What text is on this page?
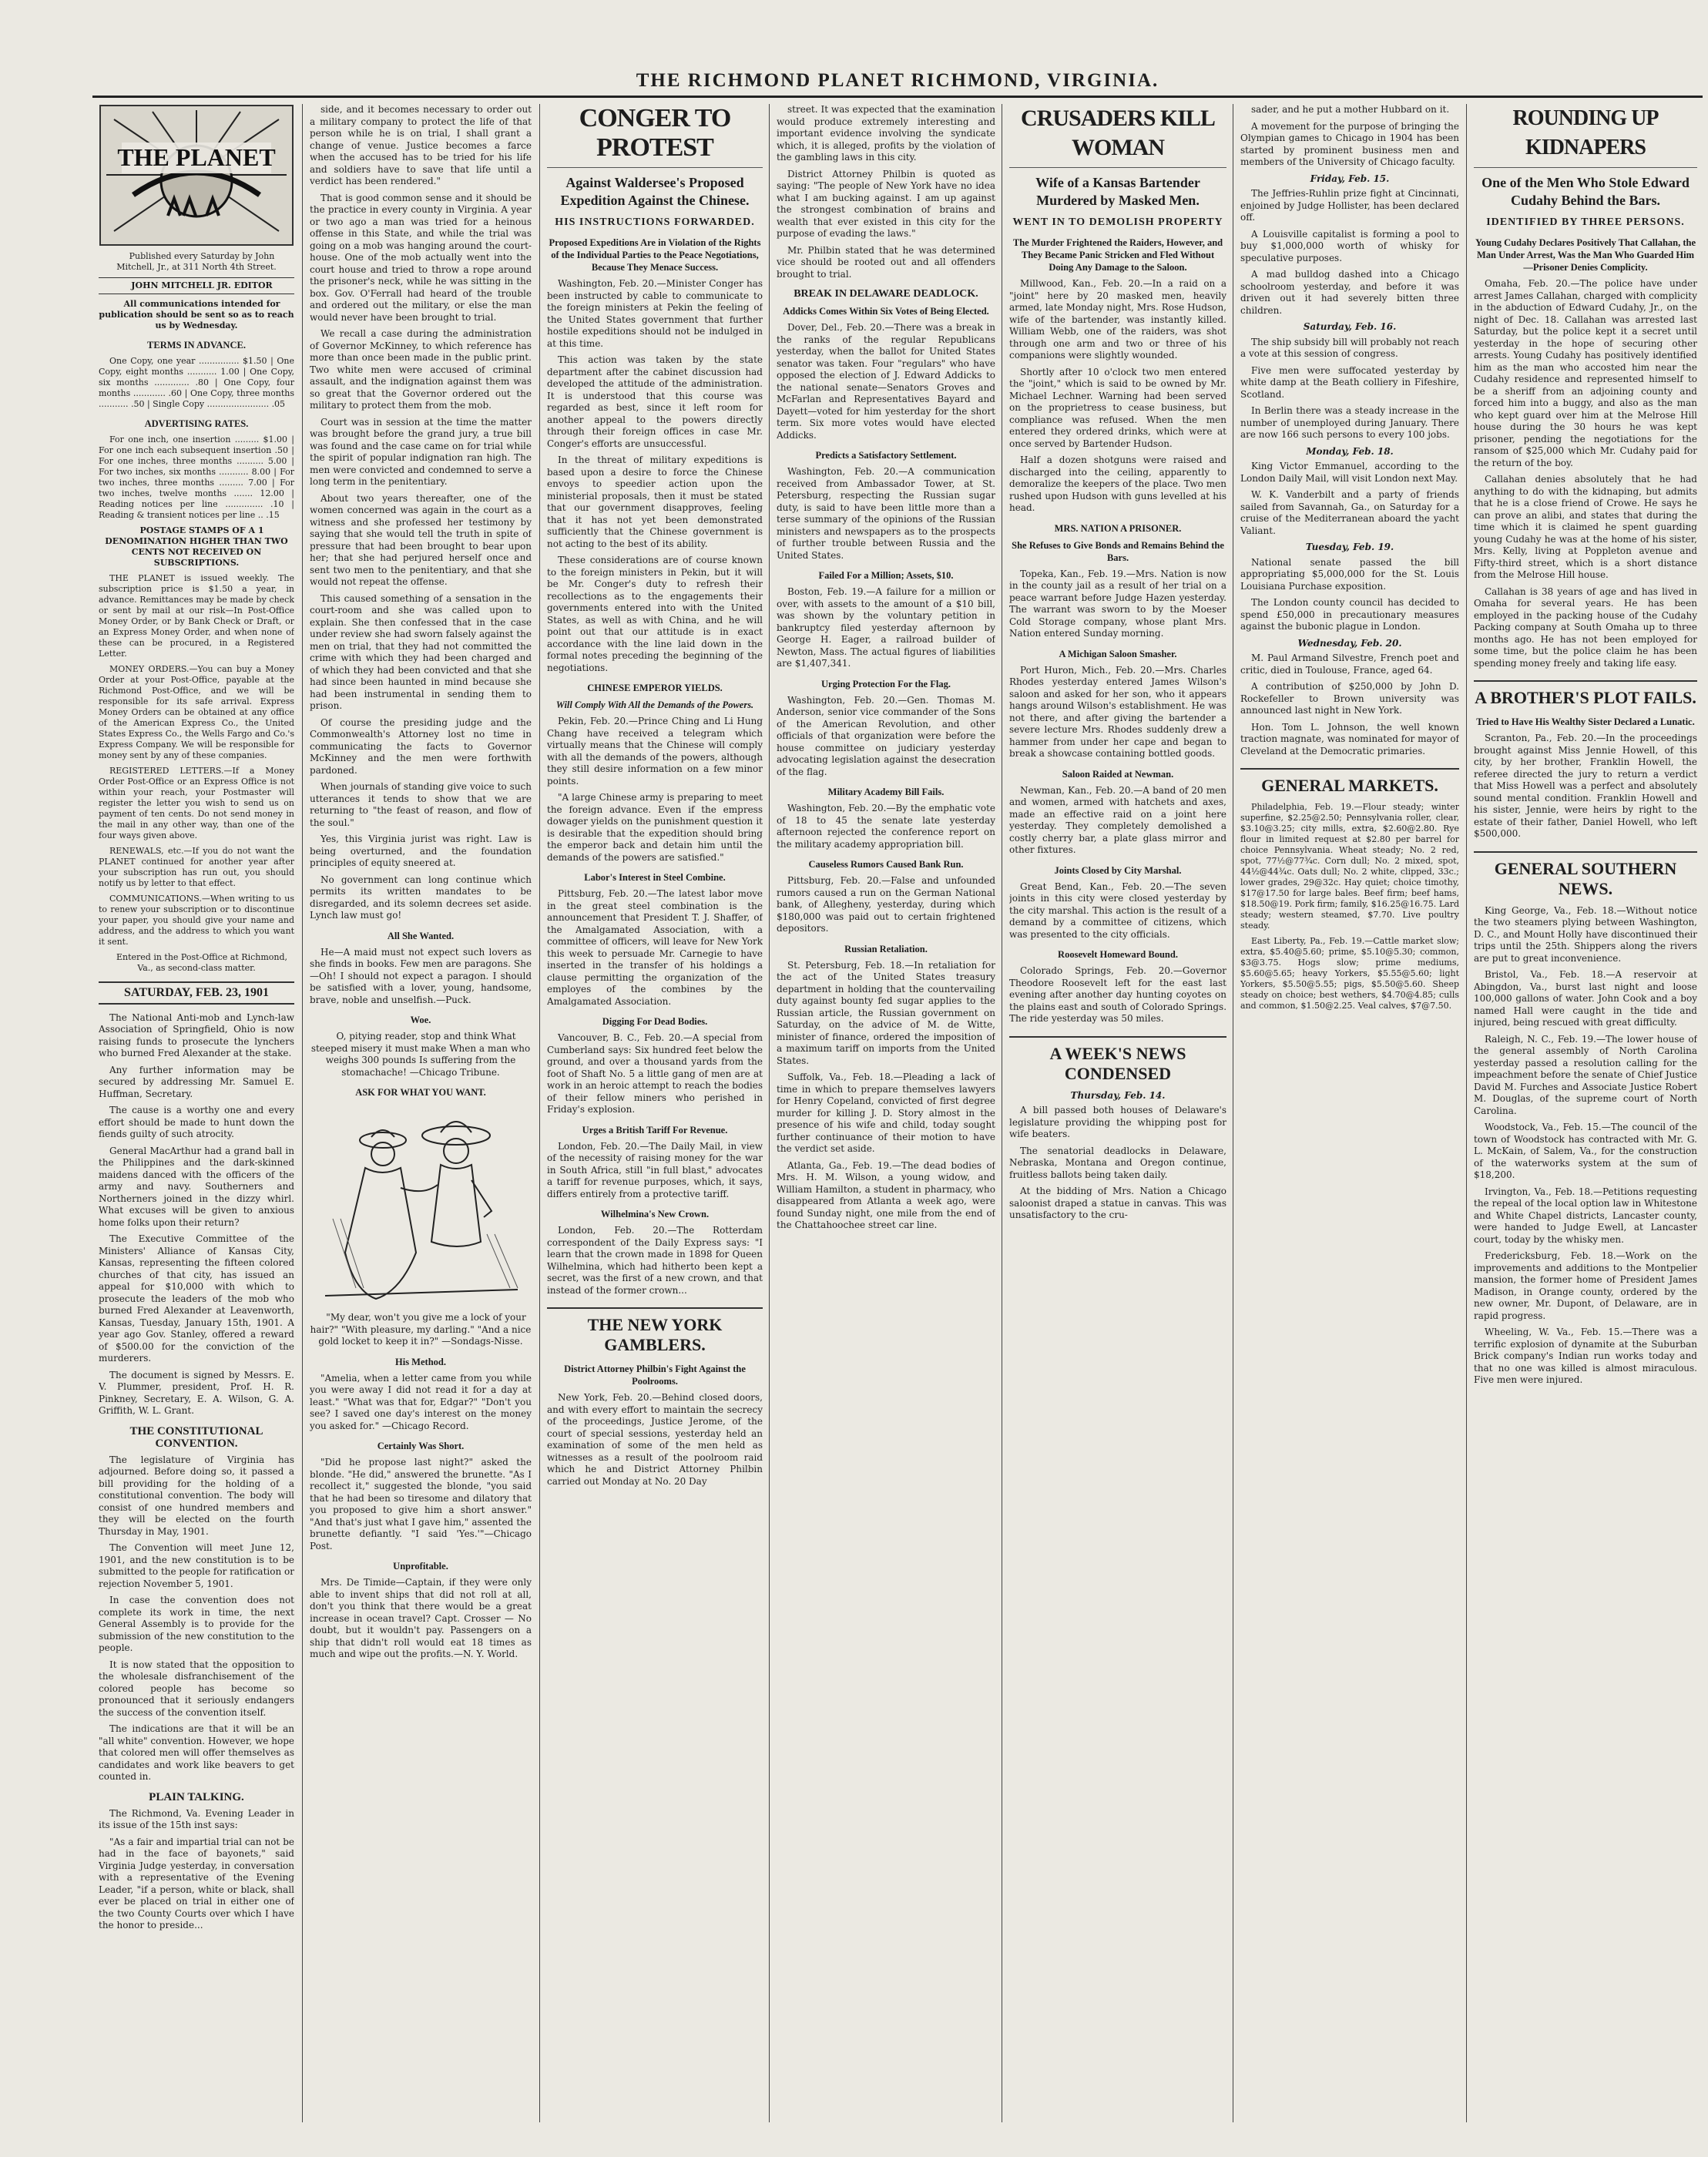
THE RICHMOND PLANET RICHMOND, VIRGINIA.
THE PLANET

Published every Saturday by John Mitchell, Jr., at 311 North 4th Street.

JOHN MITCHELL JR. EDITOR

All communications intended for publication should be sent so as to reach us by Wednesday.

TERMS IN ADVANCE.

One Copy, one year ............... $1.50 | One Copy, eight months ........... 1.00 | One Copy, six months ............. .80 | One Copy, four months ............ .60 | One Copy, three months ........... .50 | Single Copy ....................... .05

ADVERTISING RATES.

For one inch, one insertion ......... $1.00 | For one inch each subsequent insertion .50 | For one inches, three months .......... 5.00 | For two inches, six months ........... 8.00 | For two inches, three months ......... 7.00 | For two inches, twelve months ....... 12.00 | Reading notices per line .............. .10 | Reading & transient notices per line .. .15

POSTAGE STAMPS OF A 1 DENOMINATION HIGHER THAN TWO CENTS NOT RECEIVED ON SUBSCRIPTIONS.

THE PLANET is issued weekly. The subscription price is $1.50 a year, in advance. Remittances may be made by check or sent by mail at our risk—In Post-Office Money Order, or by Bank Check or Draft, or an Express Money Order, and when none of these can be procured, in a Registered Letter.

MONEY ORDERS.—You can buy a Money Order at your Post-Office, payable at the Richmond Post-Office, and we will be responsible for its safe arrival. Express Money Orders can be obtained at any office of the American Express Co., the United States Express Co., the Wells Fargo and Co.'s Express Company. We will be responsible for money sent by any of these companies.

REGISTERED LETTERS.—If a Money Order Post-Office or an Express Office is not within your reach, your Postmaster will register the letter you wish to send us on payment of ten cents. Do not send money in the mail in any other way, than one of the four ways given above.

RENEWALS, etc.—If you do not want the PLANET continued for another year after your subscription has run out, you should notify us by letter to that effect.

COMMUNICATIONS.—When writing to us to renew your subscription or to discontinue your paper, you should give your name and address, and the address to which you want it sent.

Entered in the Post-Office at Richmond, Va., as second-class matter.

SATURDAY, FEB. 23, 1901

The National Anti-mob and Lynch-law Association of Springfield, Ohio is now raising funds to prosecute the lynchers who burned Fred Alexander at the stake.

Any further information may be secured by addressing Mr. Samuel E. Huffman, Secretary.

The cause is a worthy one and every effort should be made to hunt down the fiends guilty of such atrocity.

General MacArthur had a grand ball in the Philippines and the dark-skinned maidens danced with the officers of the army and navy. Southerners and Northerners joined in the dizzy whirl. What excuses will be given to anxious home folks upon their return?

The Executive Committee of the Ministers' Alliance of Kansas City, Kansas, representing the fifteen colored churches of that city, has issued an appeal for $10,000 with which to prosecute the leaders of the mob who burned Fred Alexander at Leavenworth, Kansas, Tuesday, January 15th, 1901. A year ago Gov. Stanley, offered a reward of $500.00 for the conviction of the murderers.

The document is signed by Messrs. E. V. Plummer, president, Prof. H. R. Pinkney, Secretary, E. A. Wilson, G. A. Griffith, W. L. Grant.

THE CONSTITUTIONAL CONVENTION.

The legislature of Virginia has adjourned. Before doing so, it passed a bill providing for the holding of a constitutional convention. The body will consist of one hundred members and they will be elected on the fourth Thursday in May, 1901.

The Convention will meet June 12, 1901, and the new constitution is to be submitted to the people for ratification or rejection November 5, 1901.

In case the convention does not complete its work in time, the next General Assembly is to provide for the submission of the new constitution to the people.

It is now stated that the opposition to the wholesale disfranchisement of the colored people has become so pronounced that it seriously endangers the success of the convention itself.

The indications are that it will be an "all white" convention. However, we hope that colored men will offer themselves as candidates and work like beavers to get counted in.

PLAIN TALKING.

The Richmond, Va. Evening Leader in its issue of the 15th inst says:

"As a fair and impartial trial can not be had in the face of bayonets," said Virginia Judge yesterday, in conversation with a representative of the Evening Leader, "if a person, white or black, shall ever be placed on trial in either one of the two County Courts over which I have the honor to preside...

side, and it becomes necessary to order out a military company to protect the life of that person while he is on trial, I shall grant a change of venue. Justice becomes a farce when the accused has to be tried for his life and soldiers have to save that life until a verdict has been rendered."

That is good common sense and it should be the practice in every county in Virginia. A year or two ago a man was tried for a heinous offense in this State, and while the trial was going on a mob was hanging around the court-house. One of the mob actually went into the court house and tried to throw a rope around the prisoner's neck, while he was sitting in the box. Gov. O'Ferrall had heard of the trouble and ordered out the military, or else the man would never have been brought to trial.

We recall a case during the administration of Governor McKinney, to which reference has more than once been made in the public print. Two white men were accused of criminal assault, and the indignation against them was so great that the Governor ordered out the military to protect them from the mob.

Court was in session at the time the matter was brought before the grand jury, a true bill was found and the case came on for trial while the spirit of popular indignation ran high. The men were convicted and condemned to serve a long term in the penitentiary.

About two years thereafter, one of the women concerned was again in the court as a witness and she professed her testimony by saying that she would tell the truth in spite of pressure that had been brought to bear upon her; that she had perjured herself once and sent two men to the penitentiary, and that she would not repeat the offense.

This caused something of a sensation in the court-room and she was called upon to explain. She then confessed that in the case under review she had sworn falsely against the men on trial, that they had not committed the crime with which they had been charged and of which they had been convicted and that she had since been haunted in mind because she had been instrumental in sending them to prison.

Of course the presiding judge and the Commonwealth's Attorney lost no time in communicating the facts to Governor McKinney and the men were forthwith pardoned.

When journals of standing give voice to such utterances it tends to show that we are returning to "the feast of reason, and flow of the soul."

Yes, this Virginia jurist was right. Law is being overturned, and the foundation principles of equity sneered at.

No government can long continue which permits its written mandates to be disregarded, and its solemn decrees set aside. Lynch law must go!

All She Wanted.

He—A maid must not expect such lovers as she finds in books. Few men are paragons. She—Oh! I should not expect a paragon. I should be satisfied with a lover, young, handsome, brave, noble and unselfish.—Puck.

Woe.

O, pitying reader, stop and think What steeped misery it must make When a man who weighs 300 pounds Is suffering from the stomachache! —Chicago Tribune.

ASK FOR WHAT YOU WANT.

"My dear, won't you give me a lock of your hair?" "With pleasure, my darling." "And a nice gold locket to keep it in?" —Sondags-Nisse.

His Method.

"Amelia, when a letter came from you while you were away I did not read it for a day at least." "What was that for, Edgar?" "Don't you see? I saved one day's interest on the money you asked for." —Chicago Record.

Certainly Was Short.

"Did he propose last night?" asked the blonde. "He did," answered the brunette. "As I recollect it," suggested the blonde, "you said that he had been so tiresome and dilatory that you proposed to give him a short answer." "And that's just what I gave him," assented the brunette defiantly. "I said 'Yes.'"—Chicago Post.

Unprofitable.

Mrs. De Timide—Captain, if they were only able to invent ships that did not roll at all, don't you think that there would be a great increase in ocean travel? Capt. Crosser — No doubt, but it wouldn't pay. Passengers on a ship that didn't roll would eat 18 times as much and wipe out the profits.—N. Y. World.

CONGER TO PROTEST
Against Waldersee's Proposed Expedition Against the Chinese.
HIS INSTRUCTIONS FORWARDED.
Proposed Expeditions Are in Violation of the Rights of the Individual Parties to the Peace Negotiations, Because They Menace Success.

Washington, Feb. 20.—Minister Conger has been instructed by cable to communicate to the foreign ministers at Pekin the feeling of the United States government that further hostile expeditions should not be indulged in at this time.

This action was taken by the state department after the cabinet discussion had developed the attitude of the administration. It is understood that this course was regarded as best, since it left room for another appeal to the powers directly through their foreign offices in case Mr. Conger's efforts are unsuccessful.

In the threat of military expeditions is based upon a desire to force the Chinese envoys to speedier action upon the ministerial proposals, then it must be stated that our government disapproves, feeling that it has not yet been demonstrated sufficiently that the Chinese government is not acting to the best of its ability.

These considerations are of course known to the foreign ministers in Pekin, but it will be Mr. Conger's duty to refresh their recollections as to the engagements their governments entered into with the United States, as well as with China, and he will point out that our attitude is in exact accordance with the line laid down in the formal notes preceding the beginning of the negotiations.

CHINESE EMPEROR YIELDS.
Will Comply With All the Demands of the Powers.

Pekin, Feb. 20.—Prince Ching and Li Hung Chang have received a telegram which virtually means that the Chinese will comply with all the demands of the powers, although they still desire information on a few minor points.

"A large Chinese army is preparing to meet the foreign advance. Even if the empress dowager yields on the punishment question it is desirable that the expedition should bring the emperor back and detain him until the demands of the powers are satisfied."

Labor's Interest in Steel Combine.

Pittsburg, Feb. 20.—The latest labor move in the great steel combination is the announcement that President T. J. Shaffer, of the Amalgamated Association, with a committee of officers, will leave for New York this week to persuade Mr. Carnegie to have inserted in the transfer of his holdings a clause permitting the organization of the employes of the combines by the Amalgamated Association.

Digging For Dead Bodies.

Vancouver, B. C., Feb. 20.—A special from Cumberland says: Six hundred feet below the ground, and over a thousand yards from the foot of Shaft No. 5 a little gang of men are at work in an heroic attempt to reach the bodies of their fellow miners who perished in Friday's explosion.

Urges a British Tariff For Revenue.

London, Feb. 20.—The Daily Mail, in view of the necessity of raising money for the war in South Africa, still "in full blast," advocates a tariff for revenue purposes, which, it says, differs entirely from a protective tariff.

Wilhelmina's New Crown.

London, Feb. 20.—The Rotterdam correspondent of the Daily Express says: "I learn that the crown made in 1898 for Queen Wilhelmina, which had hitherto been kept a secret, was the first of a new crown, and that instead of the former crown...

THE NEW YORK GAMBLERS.
District Attorney Philbin's Fight Against the Poolrooms.

New York, Feb. 20.—Behind closed doors, and with every effort to maintain the secrecy of the proceedings, Justice Jerome, of the court of special sessions, yesterday held an examination of some of the men held as witnesses as a result of the poolroom raid which he and District Attorney Philbin carried out Monday at No. 20 Day

street. It was expected that the examination would produce extremely interesting and important evidence involving the syndicate which, it is alleged, profits by the violation of the gambling laws in this city.

District Attorney Philbin is quoted as saying: "The people of New York have no idea what I am bucking against. I am up against the strongest combination of brains and wealth that ever existed in this city for the purpose of evading the laws."

Mr. Philbin stated that he was determined vice should be rooted out and all offenders brought to trial.

BREAK IN DELAWARE DEADLOCK.
Addicks Comes Within Six Votes of Being Elected.

Dover, Del., Feb. 20.—There was a break in the ranks of the regular Republicans yesterday, when the ballot for United States senator was taken. Four "regulars" who have opposed the election of J. Edward Addicks to the national senate—Senators Groves and McFarlan and Representatives Bayard and Dayett—voted for him yesterday for the short term. Six more votes would have elected Addicks.

Predicts a Satisfactory Settlement.

Washington, Feb. 20.—A communication received from Ambassador Tower, at St. Petersburg, respecting the Russian sugar duty, is said to have been little more than a terse summary of the opinions of the Russian ministers and newspapers as to the prospects of further trouble between Russia and the United States.

Failed For a Million; Assets, $10.

Boston, Feb. 19.—A failure for a million or over, with assets to the amount of a $10 bill, was shown by the voluntary petition in bankruptcy filed yesterday afternoon by George H. Eager, a railroad builder of Newton, Mass. The actual figures of liabilities are $1,407,341.

Urging Protection For the Flag.

Washington, Feb. 20.—Gen. Thomas M. Anderson, senior vice commander of the Sons of the American Revolution, and other officials of that organization were before the house committee on judiciary yesterday advocating legislation against the desecration of the flag.

Military Academy Bill Fails.

Washington, Feb. 20.—By the emphatic vote of 18 to 45 the senate late yesterday afternoon rejected the conference report on the military academy appropriation bill.

Causeless Rumors Caused Bank Run.

Pittsburg, Feb. 20.—False and unfounded rumors caused a run on the German National bank, of Allegheny, yesterday, during which $180,000 was paid out to certain frightened depositors.

Russian Retaliation.

St. Petersburg, Feb. 18.—In retaliation for the act of the United States treasury department in holding that the countervailing duty against bounty fed sugar applies to the Russian article, the Russian government on Saturday, on the advice of M. de Witte, minister of finance, ordered the imposition of a maximum tariff on imports from the United States.

Suffolk, Va., Feb. 18.—Pleading a lack of time in which to prepare themselves lawyers for Henry Copeland, convicted of first degree murder for killing J. D. Story almost in the presence of his wife and child, today sought further continuance of their motion to have the verdict set aside.

Atlanta, Ga., Feb. 19.—The dead bodies of Mrs. H. M. Wilson, a young widow, and William Hamilton, a student in pharmacy, who disappeared from Atlanta a week ago, were found Sunday night, one mile from the end of the Chattahoochee street car line.

CRUSADERS KILL WOMAN
Wife of a Kansas Bartender Murdered by Masked Men.
WENT IN TO DEMOLISH PROPERTY
The Murder Frightened the Raiders, However, and They Became Panic Stricken and Fled Without Doing Any Damage to the Saloon.

Millwood, Kan., Feb. 20.—In a raid on a "joint" here by 20 masked men, heavily armed, late Monday night, Mrs. Rose Hudson, wife of the bartender, was instantly killed. William Webb, one of the raiders, was shot through one arm and two or three of his companions were slightly wounded.

Shortly after 10 o'clock two men entered the "joint," which is said to be owned by Mr. Michael Lechner. Warning had been served on the proprietress to cease business, but compliance was refused. When the men entered they ordered drinks, which were at once served by Bartender Hudson.

Half a dozen shotguns were raised and discharged into the ceiling, apparently to demoralize the keepers of the place. Two men rushed upon Hudson with guns levelled at his head.

MRS. NATION A PRISONER.
She Refuses to Give Bonds and Remains Behind the Bars.

Topeka, Kan., Feb. 19.—Mrs. Nation is now in the county jail as a result of her trial on a peace warrant before Judge Hazen yesterday. The warrant was sworn to by the Moeser Cold Storage company, whose plant Mrs. Nation entered Sunday morning.

A Michigan Saloon Smasher.

Port Huron, Mich., Feb. 20.—Mrs. Charles Rhodes yesterday entered James Wilson's saloon and asked for her son, who it appears hangs around Wilson's establishment. He was not there, and after giving the bartender a severe lecture Mrs. Rhodes suddenly drew a hammer from under her cape and began to break a showcase containing bottled goods.

Saloon Raided at Newman.

Newman, Kan., Feb. 20.—A band of 20 men and women, armed with hatchets and axes, made an effective raid on a joint here yesterday. They completely demolished a costly cherry bar, a plate glass mirror and other fixtures.

Joints Closed by City Marshal.

Great Bend, Kan., Feb. 20.—The seven joints in this city were closed yesterday by the city marshal. This action is the result of a demand by a committee of citizens, which was presented to the city officials.

Roosevelt Homeward Bound.

Colorado Springs, Feb. 20.—Governor Theodore Roosevelt left for the east last evening after another day hunting coyotes on the plains east and south of Colorado Springs. The ride yesterday was 50 miles.

A WEEK'S NEWS CONDENSED
Thursday, Feb. 14.

A bill passed both houses of Delaware's legislature providing the whipping post for wife beaters.

The senatorial deadlocks in Delaware, Nebraska, Montana and Oregon continue, fruitless ballots being taken daily.

At the bidding of Mrs. Nation a Chicago saloonist draped a statue in canvas. This was unsatisfactory to the cru-

sader, and he put a mother Hubbard on it.

A movement for the purpose of bringing the Olympian games to Chicago in 1904 has been started by prominent business men and members of the University of Chicago faculty.

Friday, Feb. 15.

The Jeffries-Ruhlin prize fight at Cincinnati, enjoined by Judge Hollister, has been declared off.

A Louisville capitalist is forming a pool to buy $1,000,000 worth of whisky for speculative purposes.

A mad bulldog dashed into a Chicago schoolroom yesterday, and before it was driven out it had severely bitten three children.

Saturday, Feb. 16.

The ship subsidy bill will probably not reach a vote at this session of congress.

Five men were suffocated yesterday by white damp at the Beath colliery in Fifeshire, Scotland.

In Berlin there was a steady increase in the number of unemployed during January. There are now 166 such persons to every 100 jobs.

Monday, Feb. 18.

King Victor Emmanuel, according to the London Daily Mail, will visit London next May.

W. K. Vanderbilt and a party of friends sailed from Savannah, Ga., on Saturday for a cruise of the Mediterranean aboard the yacht Valiant.

Tuesday, Feb. 19.

National senate passed the bill appropriating $5,000,000 for the St. Louis Louisiana Purchase exposition.

The London county council has decided to spend £50,000 in precautionary measures against the bubonic plague in London.

Wednesday, Feb. 20.

M. Paul Armand Silvestre, French poet and critic, died in Toulouse, France, aged 64.

A contribution of $250,000 by John D. Rockefeller to Brown university was announced last night in New York.

Hon. Tom L. Johnson, the well known traction magnate, was nominated for mayor of Cleveland at the Democratic primaries.

GENERAL MARKETS.

Philadelphia, Feb. 19.—Flour steady; winter superfine, $2.25@2.50; Pennsylvania roller, clear, $3.10@3.25; city mills, extra, $2.60@2.80. Rye flour in limited request at $2.80 per barrel for choice Pennsylvania. Wheat steady; No. 2 red, spot, 77½@77¾c. Corn dull; No. 2 mixed, spot, 44½@44¾c. Oats dull; No. 2 white, clipped, 33c.; lower grades, 29@32c. Hay quiet; choice timothy, $17@17.50 for large bales. Beef firm; beef hams, $18.50@19. Pork firm; family, $16.25@16.75. Lard steady; western steamed, $7.70. Live poultry steady.

East Liberty, Pa., Feb. 19.—Cattle market slow; extra, $5.40@5.60; prime, $5.10@5.30; common, $3@3.75. Hogs slow; prime mediums, $5.60@5.65; heavy Yorkers, $5.55@5.60; light Yorkers, $5.50@5.55; pigs, $5.50@5.60. Sheep steady on choice; best wethers, $4.70@4.85; culls and common, $1.50@2.25. Veal calves, $7@7.50.

ROUNDING UP KIDNAPERS
One of the Men Who Stole Edward Cudahy Behind the Bars.
IDENTIFIED BY THREE PERSONS.
Young Cudahy Declares Positively That Callahan, the Man Under Arrest, Was the Man Who Guarded Him—Prisoner Denies Complicity.

Omaha, Feb. 20.—The police have under arrest James Callahan, charged with complicity in the abduction of Edward Cudahy, Jr., on the night of Dec. 18. Callahan was arrested last Saturday, but the police kept it a secret until yesterday in the hope of securing other arrests. Young Cudahy has positively identified him as the man who accosted him near the Cudahy residence and represented himself to be a sheriff from an adjoining county and forced him into a buggy, and also as the man who kept guard over him at the Melrose Hill house during the 30 hours he was kept prisoner, pending the negotiations for the ransom of $25,000 which Mr. Cudahy paid for the return of the boy.

Callahan denies absolutely that he had anything to do with the kidnaping, but admits that he is a close friend of Crowe. He says he can prove an alibi, and states that during the time which it is claimed he spent guarding young Cudahy he was at the home of his sister, Mrs. Kelly, living at Poppleton avenue and Fifty-third street, which is a short distance from the Melrose Hill house.

Callahan is 38 years of age and has lived in Omaha for several years. He has been employed in the packing house of the Cudahy Packing company at South Omaha up to three months ago. He has not been employed for some time, but the police claim he has been spending money freely and taking life easy.

A BROTHER'S PLOT FAILS.
Tried to Have His Wealthy Sister Declared a Lunatic.

Scranton, Pa., Feb. 20.—In the proceedings brought against Miss Jennie Howell, of this city, by her brother, Franklin Howell, the referee directed the jury to return a verdict that Miss Howell was a perfect and absolutely sound mental condition. Franklin Howell and his sister, Jennie, were heirs by right to the estate of their father, Daniel Howell, who left $500,000.

GENERAL SOUTHERN NEWS.

King George, Va., Feb. 18.—Without notice the two steamers plying between Washington, D. C., and Mount Holly have discontinued their trips until the 25th. Shippers along the rivers are put to great inconvenience.

Bristol, Va., Feb. 18.—A reservoir at Abingdon, Va., burst last night and loose 100,000 gallons of water. John Cook and a boy named Hall were caught in the tide and injured, being rescued with great difficulty.

Raleigh, N. C., Feb. 19.—The lower house of the general assembly of North Carolina yesterday passed a resolution calling for the impeachment before the senate of Chief Justice David M. Furches and Associate Justice Robert M. Douglas, of the supreme court of North Carolina.

Woodstock, Va., Feb. 15.—The council of the town of Woodstock has contracted with Mr. G. L. McKain, of Salem, Va., for the construction of the waterworks system at the sum of $18,200.

Irvington, Va., Feb. 18.—Petitions requesting the repeal of the local option law in Whitestone and White Chapel districts, Lancaster county, were handed to Judge Ewell, at Lancaster court, today by the whisky men.

Fredericksburg, Feb. 18.—Work on the improvements and additions to the Montpelier mansion, the former home of President James Madison, in Orange county, ordered by the new owner, Mr. Dupont, of Delaware, are in rapid progress.

Wheeling, W. Va., Feb. 15.—There was a terrific explosion of dynamite at the Suburban Brick company's Indian run works today and that no one was killed is almost miraculous. Five men were injured.
